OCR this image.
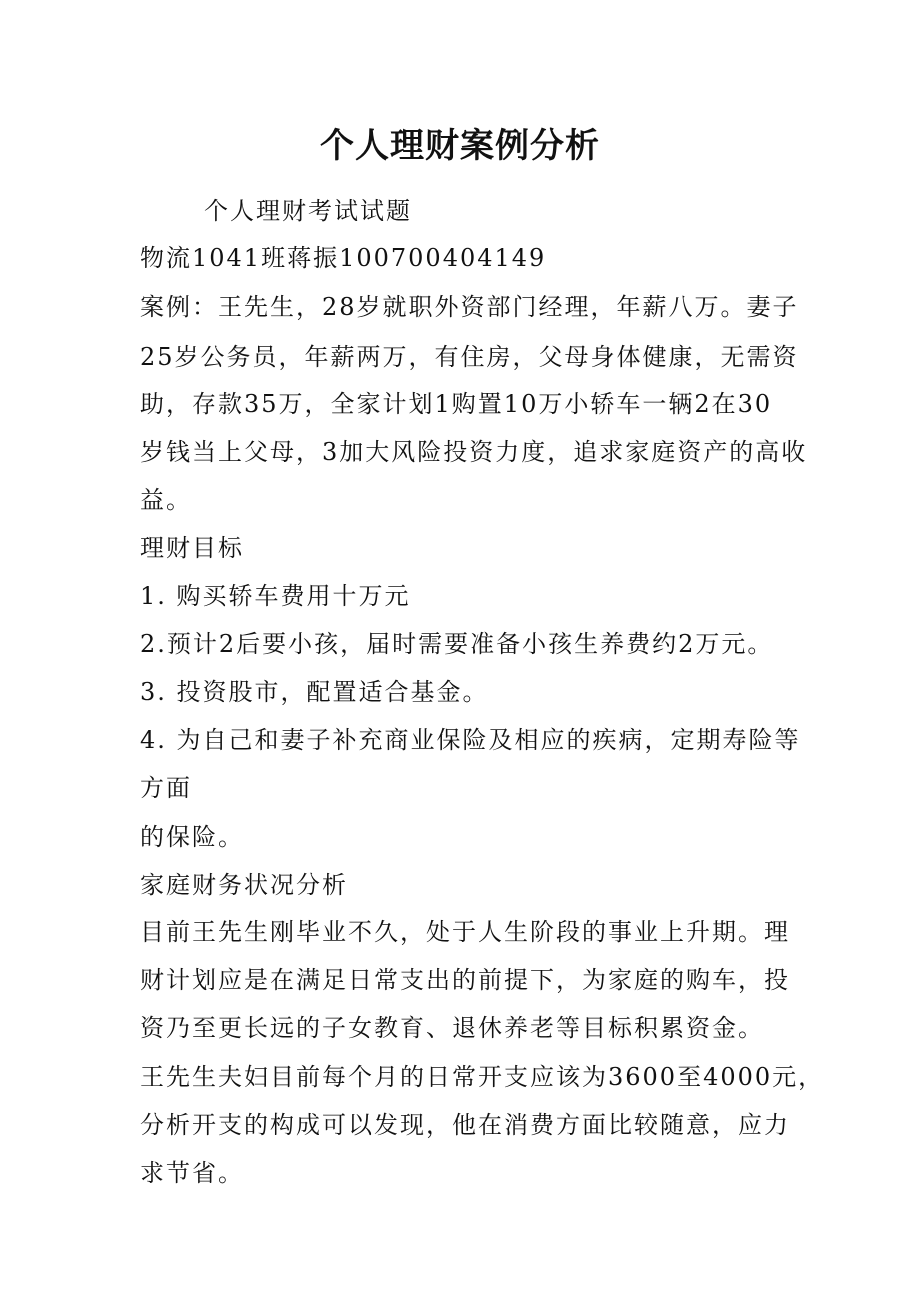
个人理财案例分析
个人理财考试试题
物流1041班蒋振100700404149
案例：王先生，28岁就职外资部门经理，年薪八万。妻子
25岁公务员，年薪两万，有住房，父母身体健康，无需资
助，存款35万，全家计划1购置10万小轿车一辆2在30
岁钱当上父母，3加大风险投资力度，追求家庭资产的高收
益。
理财目标
1. 购买轿车费用十万元
2.预计2后要小孩，届时需要准备小孩生养费约2万元。
3. 投资股市，配置适合基金。
4. 为自己和妻子补充商业保险及相应的疾病，定期寿险等
方面
的保险。
家庭财务状况分析
目前王先生刚毕业不久，处于人生阶段的事业上升期。理
财计划应是在满足日常支出的前提下，为家庭的购车，投
资乃至更长远的子女教育、退休养老等目标积累资金。
王先生夫妇目前每个月的日常开支应该为3600至4000元，
分析开支的构成可以发现，他在消费方面比较随意，应力
求节省。
